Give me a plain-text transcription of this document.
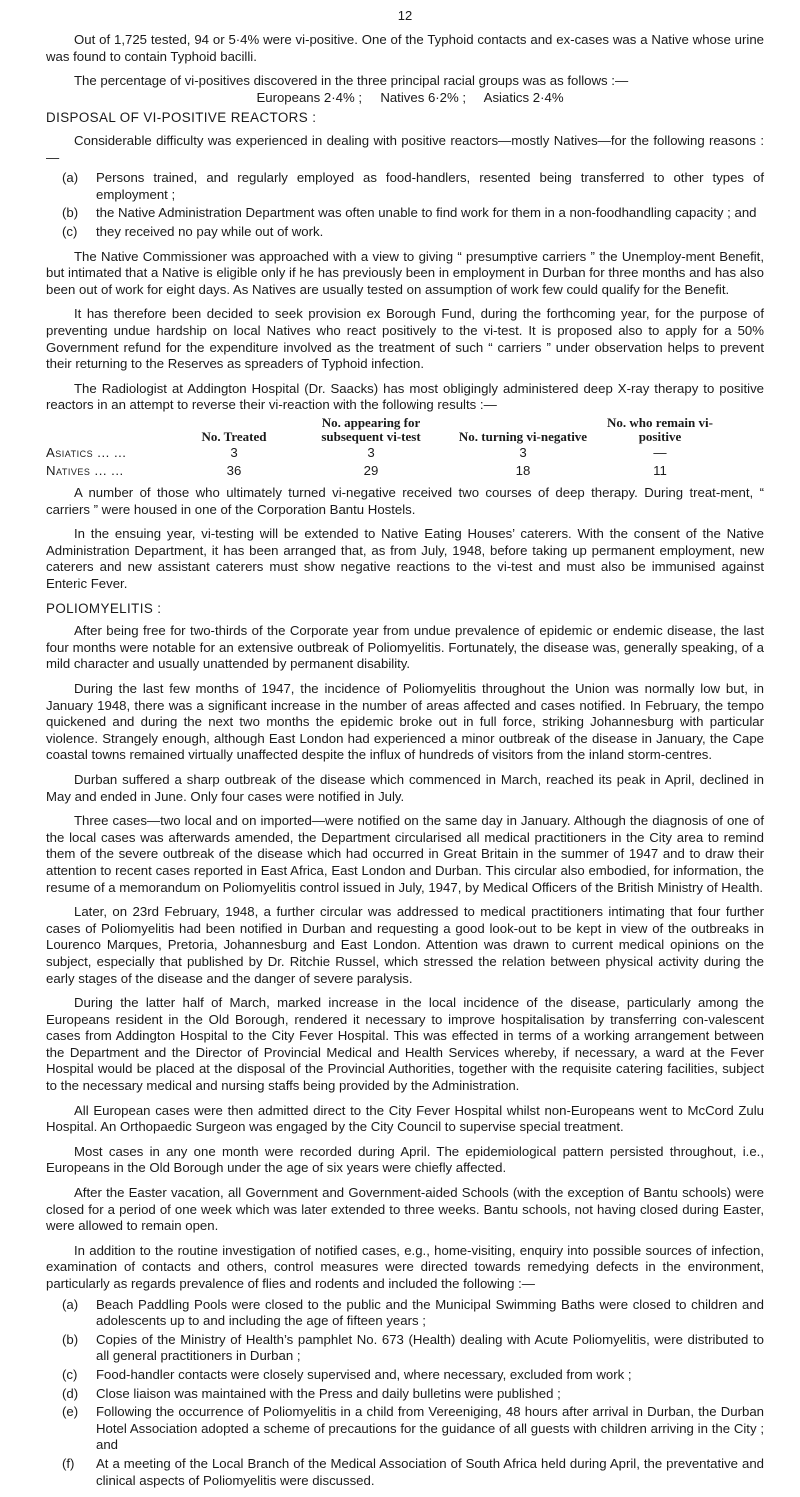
12

Out of 1,725 tested, 94 or 5·4% were vi-positive. One of the Typhoid contacts and ex-cases was a Native whose urine was found to contain Typhoid bacilli.

The percentage of vi-positives discovered in the three principal racial groups was as follows :—

Europeans 2·4% ;     Natives 6·2% ;     Asiatics 2·4%

DISPOSAL OF VI-POSITIVE REACTORS :

Considerable difficulty was experienced in dealing with positive reactors—mostly Natives—for the following reasons :—

(a) Persons trained, and regularly employed as food-handlers, resented being transferred to other types of employment ;
(b) the Native Administration Department was often unable to find work for them in a non-foodhandling capacity ; and
(c) they received no pay while out of work.

The Native Commissioner was approached with a view to giving “ presumptive carriers ” the Unemploy-ment Benefit, but intimated that a Native is eligible only if he has previously been in employment in Durban for three months and has also been out of work for eight days. As Natives are usually tested on assumption of work few could qualify for the Benefit.

It has therefore been decided to seek provision ex Borough Fund, during the forthcoming year, for the purpose of preventing undue hardship on local Natives who react positively to the vi-test. It is proposed also to apply for a 50% Government refund for the expenditure involved as the treatment of such “ carriers ” under observation helps to prevent their returning to the Reserves as spreaders of Typhoid infection.

The Radiologist at Addington Hospital (Dr. Saacks) has most obligingly administered deep X-ray therapy to positive reactors in an attempt to reverse their vi-reaction with the following results :—

	No. Treated	No. appearing for subsequent vi-test	No. turning vi-negative	No. who remain vi-positive
Asiatics ... ...	3	3	3	—
Natives ... ...	36	29	18	11

A number of those who ultimately turned vi-negative received two courses of deep therapy. During treat-ment, “ carriers ” were housed in one of the Corporation Bantu Hostels.

In the ensuing year, vi-testing will be extended to Native Eating Houses’ caterers. With the consent of the Native Administration Department, it has been arranged that, as from July, 1948, before taking up permanent employment, new caterers and new assistant caterers must show negative reactions to the vi-test and must also be immunised against Enteric Fever.

POLIOMYELITIS :

After being free for two-thirds of the Corporate year from undue prevalence of epidemic or endemic disease, the last four months were notable for an extensive outbreak of Poliomyelitis. Fortunately, the disease was, generally speaking, of a mild character and usually unattended by permanent disability.

During the last few months of 1947, the incidence of Poliomyelitis throughout the Union was normally low but, in January 1948, there was a significant increase in the number of areas affected and cases notified. In February, the tempo quickened and during the next two months the epidemic broke out in full force, striking Johannesburg with particular violence. Strangely enough, although East London had experienced a minor outbreak of the disease in January, the Cape coastal towns remained virtually unaffected despite the influx of hundreds of visitors from the inland storm-centres.

Durban suffered a sharp outbreak of the disease which commenced in March, reached its peak in April, declined in May and ended in June. Only four cases were notified in July.

Three cases—two local and on imported—were notified on the same day in January. Although the diagnosis of one of the local cases was afterwards amended, the Department circularised all medical practitioners in the City area to remind them of the severe outbreak of the disease which had occurred in Great Britain in the summer of 1947 and to draw their attention to recent cases reported in East Africa, East London and Durban. This circular also embodied, for information, the resume of a memorandum on Poliomyelitis control issued in July, 1947, by Medical Officers of the British Ministry of Health.

Later, on 23rd February, 1948, a further circular was addressed to medical practitioners intimating that four further cases of Poliomyelitis had been notified in Durban and requesting a good look-out to be kept in view of the outbreaks in Lourenco Marques, Pretoria, Johannesburg and East London. Attention was drawn to current medical opinions on the subject, especially that published by Dr. Ritchie Russel, which stressed the relation between physical activity during the early stages of the disease and the danger of severe paralysis.

During the latter half of March, marked increase in the local incidence of the disease, particularly among the Europeans resident in the Old Borough, rendered it necessary to improve hospitalisation by transferring con-valescent cases from Addington Hospital to the City Fever Hospital. This was effected in terms of a working arrangement between the Department and the Director of Provincial Medical and Health Services whereby, if necessary, a ward at the Fever Hospital would be placed at the disposal of the Provincial Authorities, together with the requisite catering facilities, subject to the necessary medical and nursing staffs being provided by the Administration.

All European cases were then admitted direct to the City Fever Hospital whilst non-Europeans went to McCord Zulu Hospital. An Orthopaedic Surgeon was engaged by the City Council to supervise special treatment.

Most cases in any one month were recorded during April. The epidemiological pattern persisted throughout, i.e., Europeans in the Old Borough under the age of six years were chiefly affected.

After the Easter vacation, all Government and Government-aided Schools (with the exception of Bantu schools) were closed for a period of one week which was later extended to three weeks. Bantu schools, not having closed during Easter, were allowed to remain open.

In addition to the routine investigation of notified cases, e.g., home-visiting, enquiry into possible sources of infection, examination of contacts and others, control measures were directed towards remedying defects in the environment, particularly as regards prevalence of flies and rodents and included the following :—

(a) Beach Paddling Pools were closed to the public and the Municipal Swimming Baths were closed to children and adolescents up to and including the age of fifteen years ;
(b) Copies of the Ministry of Health’s pamphlet No. 673 (Health) dealing with Acute Poliomyelitis, were distributed to all general practitioners in Durban ;
(c) Food-handler contacts were closely supervised and, where necessary, excluded from work ;
(d) Close liaison was maintained with the Press and daily bulletins were published ;
(e) Following the occurrence of Poliomyelitis in a child from Vereeniging, 48 hours after arrival in Durban, the Durban Hotel Association adopted a scheme of precautions for the guidance of all guests with children arriving in the City ; and
(f) At a meeting of the Local Branch of the Medical Association of South Africa held during April, the preventative and clinical aspects of Poliomyelitis were discussed.
